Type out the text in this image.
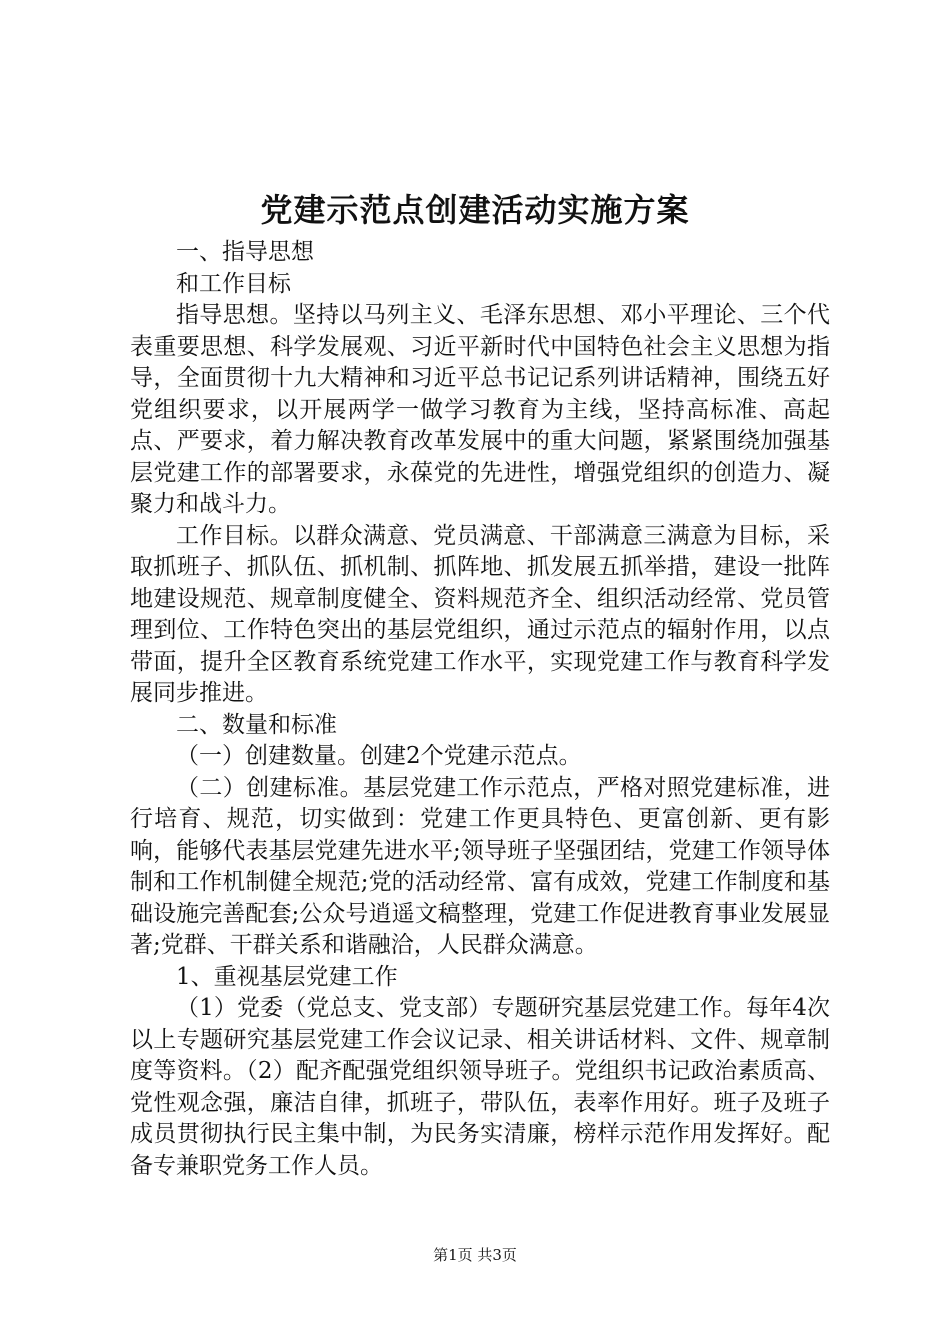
党建示范点创建活动实施方案

一、指导思想

和工作目标

指导思想。坚持以马列主义、毛泽东思想、邓小平理论、三个代表重要思想、科学发展观、习近平新时代中国特色社会主义思想为指导，全面贯彻十九大精神和习近平总书记记系列讲话精神，围绕五好党组织要求，以开展两学一做学习教育为主线，坚持高标准、高起点、严要求，着力解决教育改革发展中的重大问题，紧紧围绕加强基层党建工作的部署要求，永葆党的先进性，增强党组织的创造力、凝聚力和战斗力。

工作目标。以群众满意、党员满意、干部满意三满意为目标，采取抓班子、抓队伍、抓机制、抓阵地、抓发展五抓举措，建设一批阵地建设规范、规章制度健全、资料规范齐全、组织活动经常、党员管理到位、工作特色突出的基层党组织，通过示范点的辐射作用，以点带面，提升全区教育系统党建工作水平，实现党建工作与教育科学发展同步推进。

二、数量和标准

（一）创建数量。创建2个党建示范点。

（二）创建标准。基层党建工作示范点，严格对照党建标准，进行培育、规范，切实做到：党建工作更具特色、更富创新、更有影响，能够代表基层党建先进水平;领导班子坚强团结，党建工作领导体制和工作机制健全规范;党的活动经常、富有成效，党建工作制度和基础设施完善配套;公众号逍遥文稿整理，党建工作促进教育事业发展显著;党群、干群关系和谐融洽，人民群众满意。

1、重视基层党建工作

（1）党委（党总支、党支部）专题研究基层党建工作。每年4次以上专题研究基层党建工作会议记录、相关讲话材料、文件、规章制度等资料。（2）配齐配强党组织领导班子。党组织书记政治素质高、党性观念强，廉洁自律，抓班子，带队伍，表率作用好。班子及班子成员贯彻执行民主集中制，为民务实清廉，榜样示范作用发挥好。配备专兼职党务工作人员。

第1页 共3页
